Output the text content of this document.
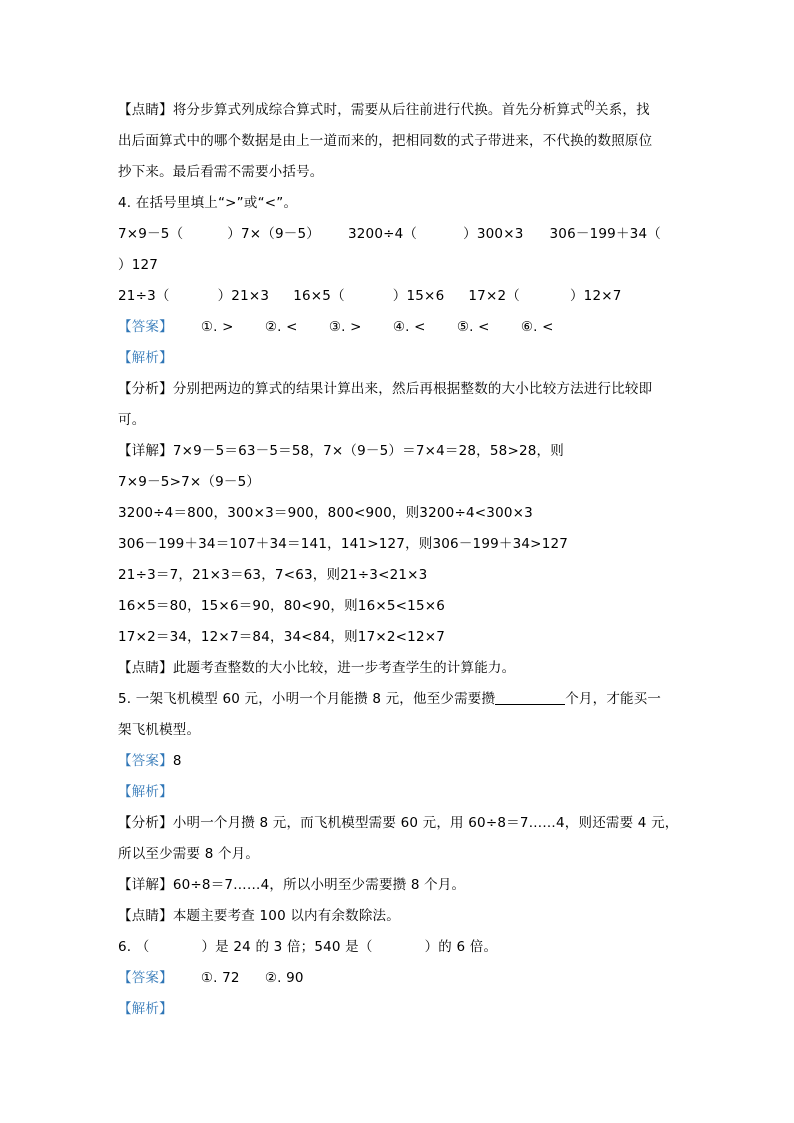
【点睛】将分步算式列成综合算式时，需要从后往前进行代换。首先分析算式$^的$关系，找
出后面算式中的哪个数据是由上一道而来的，把相同数的式子带进来，不代换的数照原位
抄下来。最后看需不需要小括号。
4. 在括号里填上“>”或“<”。
7×9－5（	）7×（9－5） 3200÷4（	）300×3 306－199＋34（
）127
21÷3（	）21×3 16×5（	）15×6 17×2（	）12×7
【答案】 ①. > ②. < ③. > ④. < ⑤. < ⑥. <
【解析】
【分析】分别把两边的算式的结果计算出来，然后再根据整数的大小比较方法进行比较即
可。
【详解】7×9－5＝63－5＝58，7×（9－5）＝7×4＝28，58>28，则
7×9－5>7×（9－5）
3200÷4＝800，300×3＝900，800<900，则3200÷4<300×3
306－199＋34＝107＋34＝141，141>127，则306－199＋34>127
21÷3＝7，21×3＝63，7<63，则21÷3<21×3
16×5＝80，15×6＝90，80<90，则16×5<15×6
17×2＝34，12×7＝84，34<84，则17×2<12×7
【点睛】此题考查整数的大小比较，进一步考查学生的计算能力。
5. 一架飞机模型 60 元，小明一个月能攒 8 元，他至少需要攒	个月，才能买一
架飞机模型。
【答案】8
【解析】
【分析】小明一个月攒 8 元，而飞机模型需要 60 元，用 60÷8＝7……4，则还需要 4 元，
所以至少需要 8 个月。
【详解】60÷8＝7……4，所以小明至少需要攒 8 个月。
【点睛】本题主要考查 100 以内有余数除法。
6. （	）是 24 的 3 倍；540 是（	）的 6 倍。
【答案】 ①. 72 ②. 90
【解析】
